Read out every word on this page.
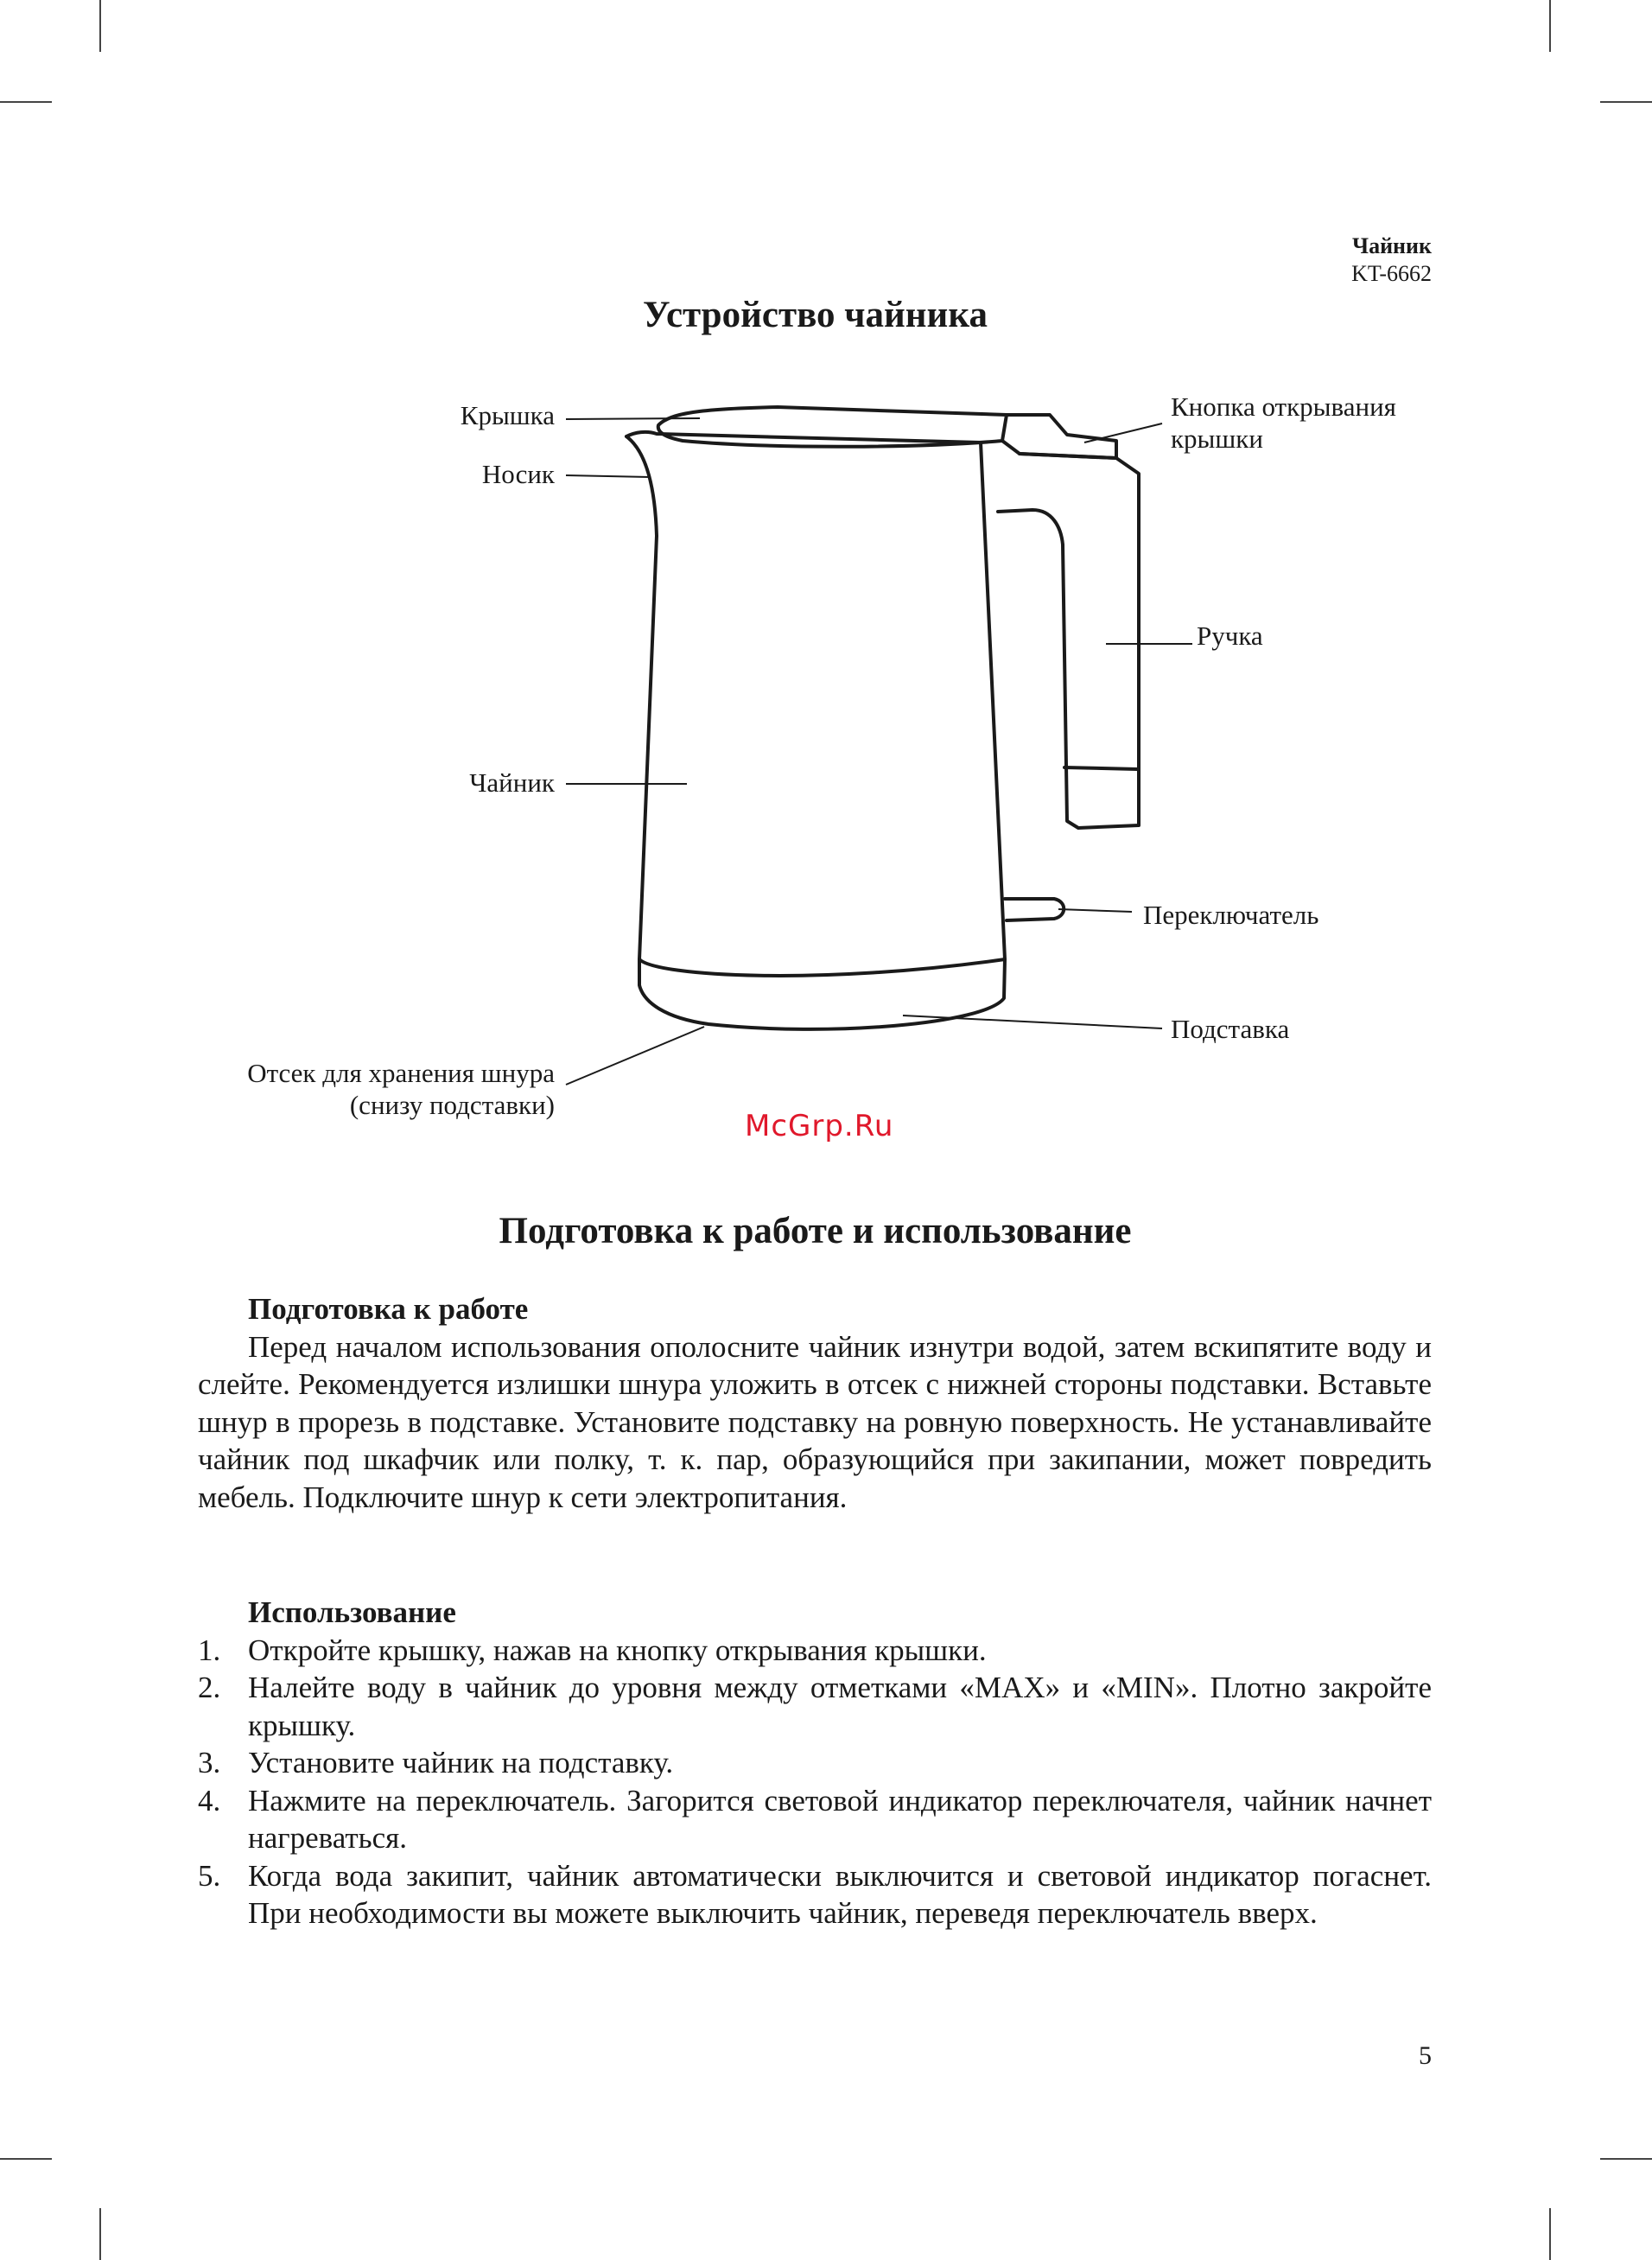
Чайник
KT-6662
Устройство чайника
Крышка
Носик
Кнопка открывания
крышки
Ручка
Чайник
Переключатель
Подставка
Отсек для хранения шнура
(снизу подставки)
McGrp.Ru
Подготовка к работе и использование
Подготовка к работе
Перед началом использования ополосните чайник изнутри водой, затем вскипятите воду и слейте. Рекомендуется излишки шнура уложить в отсек с нижней стороны подставки. Вставьте шнур в прорезь в подставке. Установите подставку на ровную поверхность. Не устанавливайте чайник под шкафчик или полку, т. к. пар, образующийся при закипании, может повредить мебель. Подключите шнур к сети электропитания.
Использование
1. Откройте крышку, нажав на кнопку открывания крышки.
2. Налейте воду в чайник до уровня между отметками «MAX» и «MIN». Плотно закройте крышку.
3. Установите чайник на подставку.
4. Нажмите на переключатель. Загорится световой индикатор переключателя, чайник начнет нагреваться.
5. Когда вода закипит, чайник автоматически выключится и световой индикатор погаснет. При необходимости вы можете выключить чайник, переведя переключатель вверх.
5
